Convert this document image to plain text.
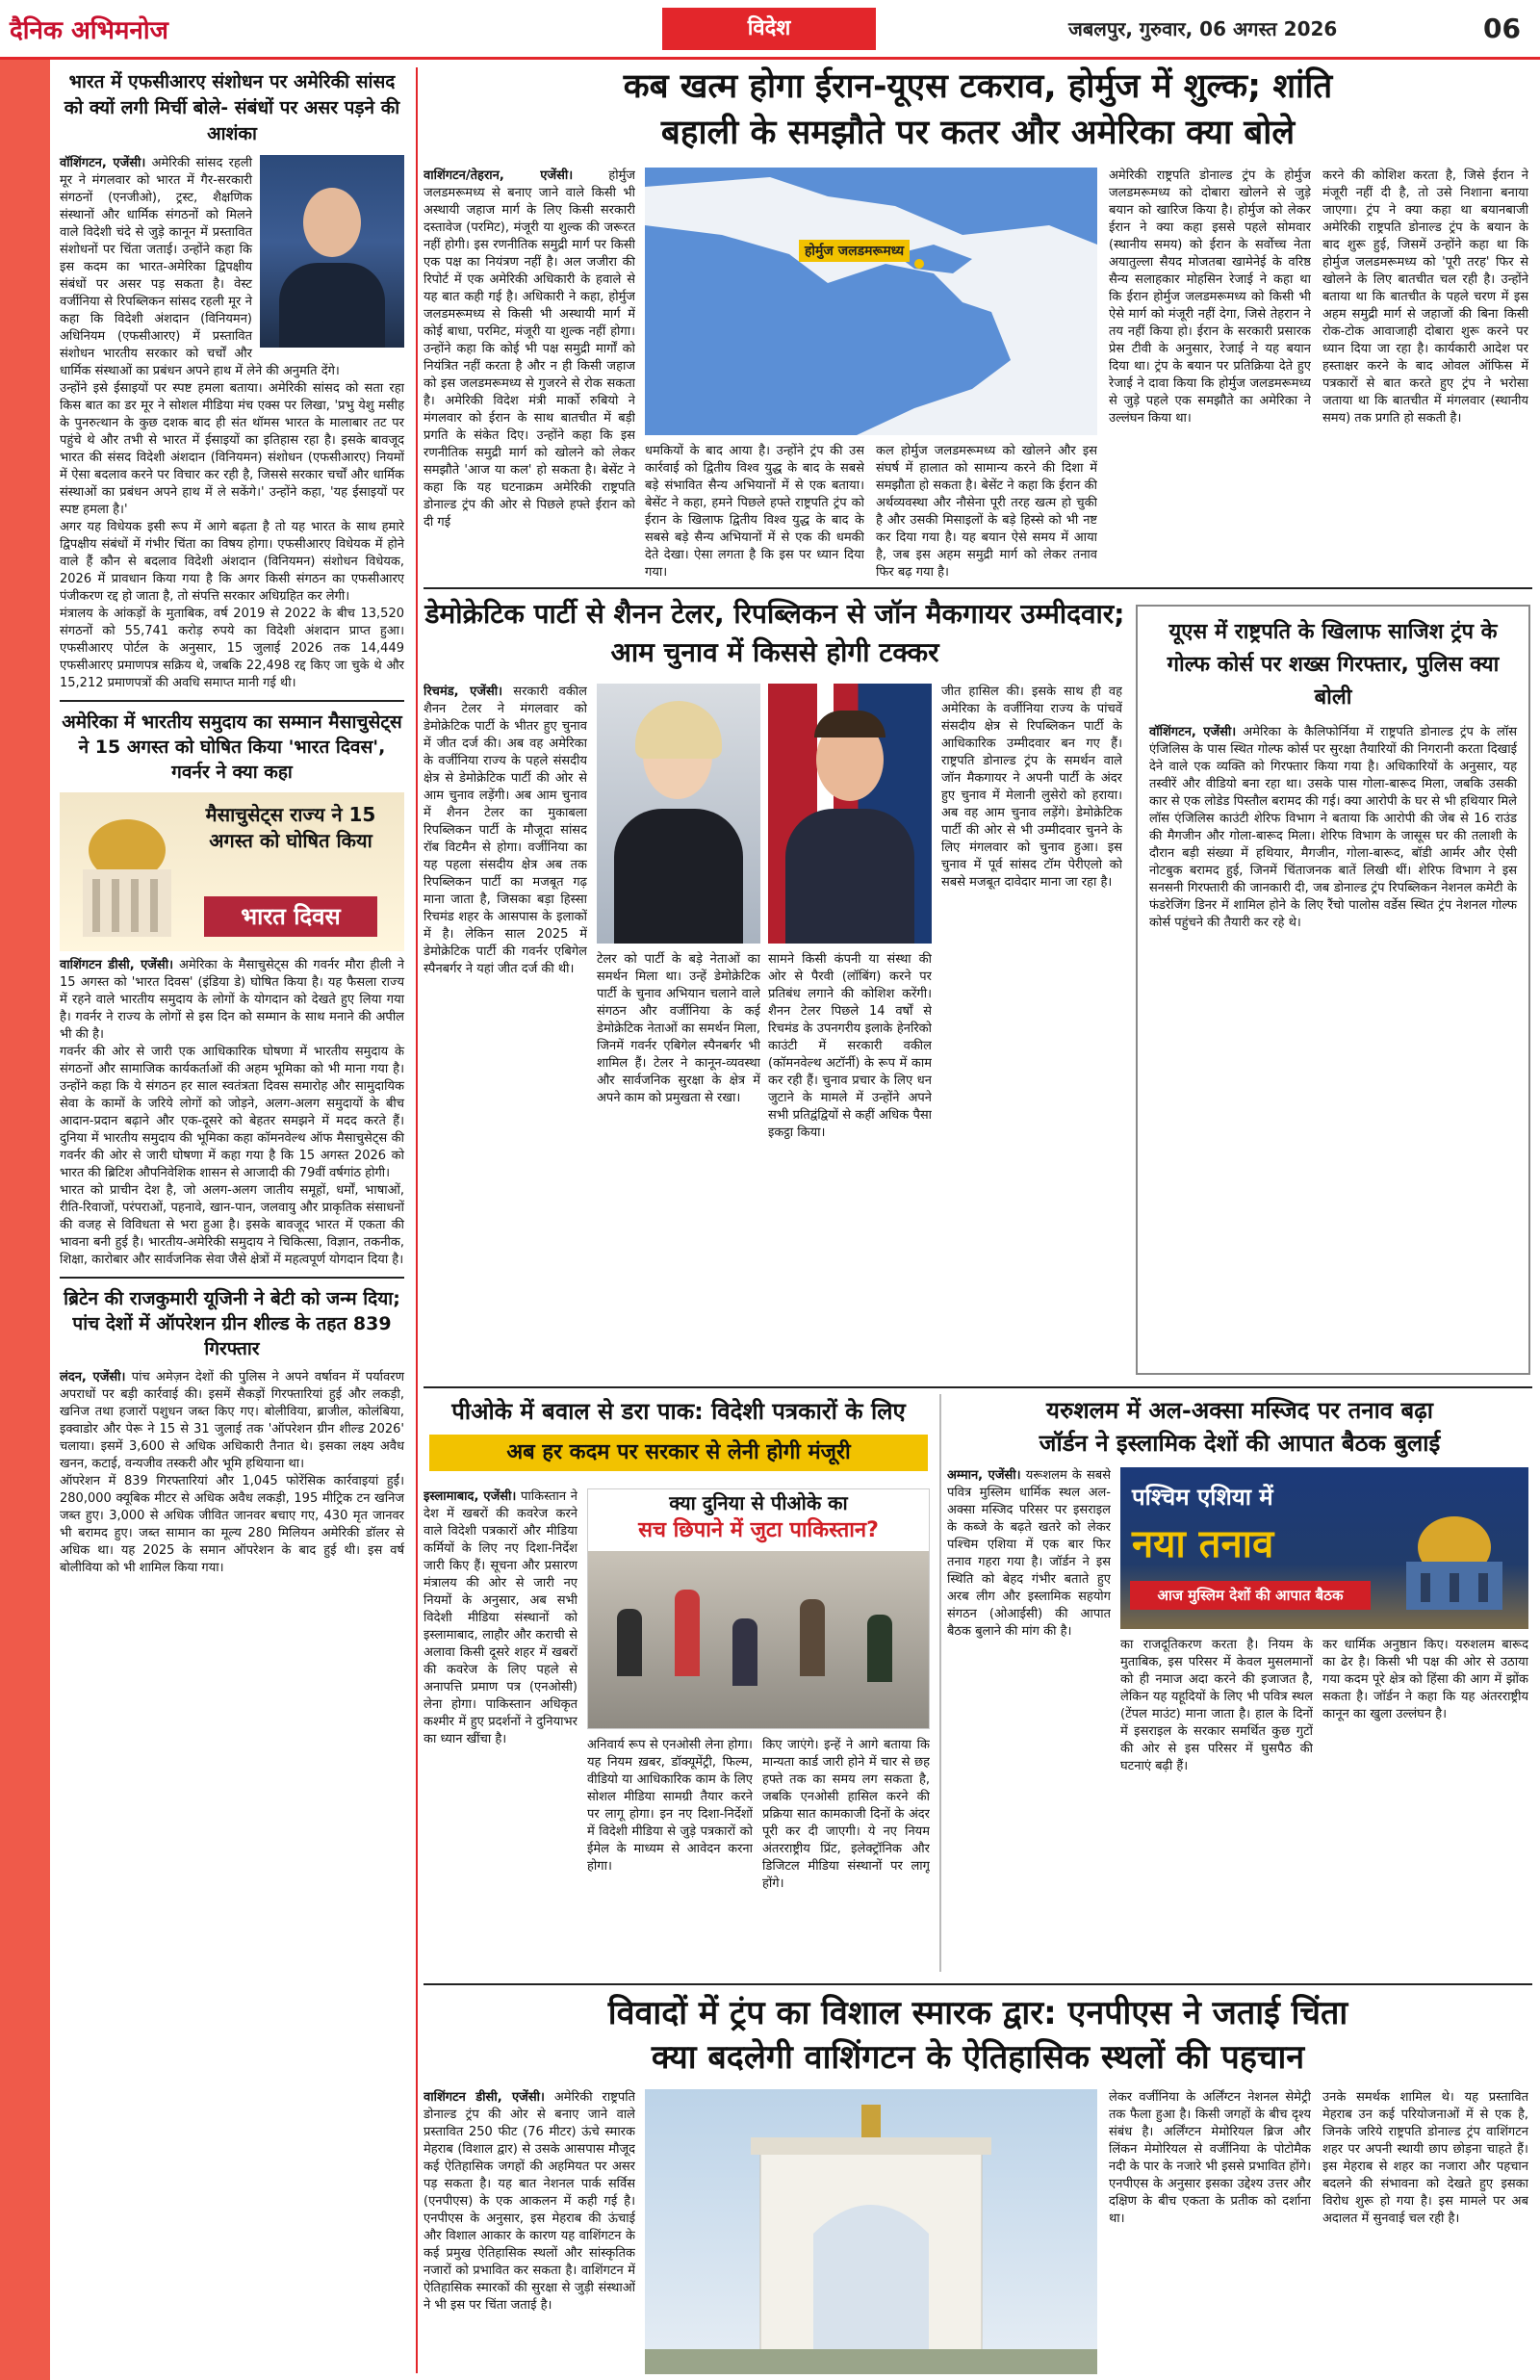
दैनिक अभिमनोज	विदेश	जबलपुर, गुरुवार, 06 अगस्त 2026	06
भारत में एफसीआरए संशोधन पर अमेरिकी सांसद को क्यों लगी मिर्ची बोले- संबंधों पर असर पड़ने की आशंका

वॉशिंगटन, एजेंसी। अमेरिकी सांसद रहली मूर ने मंगलवार को भारत में गैर-सरकारी संगठनों (एनजीओ), ट्रस्ट, शैक्षणिक संस्थानों और धार्मिक संगठनों को मिलने वाले विदेशी चंदे से जुड़े कानून में प्रस्तावित संशोधनों पर चिंता जताई। उन्होंने कहा कि इस कदम का भारत-अमेरिका द्विपक्षीय संबंधों पर असर पड़ सकता है। वेस्ट वर्जीनिया से रिपब्लिकन सांसद रहली मूर ने कहा कि विदेशी अंशदान (विनियमन) अधिनियम (एफसीआरए) में प्रस्तावित संशोधन भारतीय सरकार को चर्चों और धार्मिक संस्थाओं का प्रबंधन अपने हाथ में लेने की अनुमति देंगे।

उन्होंने इसे ईसाइयों पर स्पष्ट हमला बताया। अमेरिकी सांसद को सता रहा किस बात का डर मूर ने सोशल मीडिया मंच एक्स पर लिखा, 'प्रभु येशु मसीह के पुनरुत्थान के कुछ दशक बाद ही संत थॉमस भारत के मालाबार तट पर पहुंचे थे और तभी से भारत में ईसाइयों का इतिहास रहा है। इसके बावजूद भारत की संसद विदेशी अंशदान (विनियमन) संशोधन (एफसीआरए) नियमों में ऐसा बदलाव करने पर विचार कर रही है, जिससे सरकार चर्चों और धार्मिक संस्थाओं का प्रबंधन अपने हाथ में ले सकेंगे।' उन्होंने कहा, 'यह ईसाइयों पर स्पष्ट हमला है।'

अगर यह विधेयक इसी रूप में आगे बढ़ता है तो यह भारत के साथ हमारे द्विपक्षीय संबंधों में गंभीर चिंता का विषय होगा। एफसीआरए विधेयक में होने वाले हैं कौन से बदलाव विदेशी अंशदान (विनियमन) संशोधन विधेयक, 2026 में प्रावधान किया गया है कि अगर किसी संगठन का एफसीआरए पंजीकरण रद्द हो जाता है, तो संपत्ति सरकार अधिग्रहित कर लेगी।

मंत्रालय के आंकड़ों के मुताबिक, वर्ष 2019 से 2022 के बीच 13,520 संगठनों को 55,741 करोड़ रुपये का विदेशी अंशदान प्राप्त हुआ। एफसीआरए पोर्टल के अनुसार, 15 जुलाई 2026 तक 14,449 एफसीआरए प्रमाणपत्र सक्रिय थे, जबकि 22,498 रद्द किए जा चुके थे और 15,212 प्रमाणपत्रों की अवधि समाप्त मानी गई थी।

अमेरिका में भारतीय समुदाय का सम्मान मैसाचुसेट्स ने 15 अगस्त को घोषित किया 'भारत दिवस', गवर्नर ने क्या कहा
मैसाचुसेट्स राज्य ने 15 अगस्त को घोषित किया
भारत दिवस

वाशिंगटन डीसी, एजेंसी। अमेरिका के मैसाचुसेट्स की गवर्नर मौरा हीली ने 15 अगस्त को 'भारत दिवस' (इंडिया डे) घोषित किया है। यह फैसला राज्य में रहने वाले भारतीय समुदाय के लोगों के योगदान को देखते हुए लिया गया है। गवर्नर ने राज्य के लोगों से इस दिन को सम्मान के साथ मनाने की अपील भी की है।

गवर्नर की ओर से जारी एक आधिकारिक घोषणा में भारतीय समुदाय के संगठनों और सामाजिक कार्यकर्ताओं की अहम भूमिका को भी माना गया है। उन्होंने कहा कि ये संगठन हर साल स्वतंत्रता दिवस समारोह और सामुदायिक सेवा के कामों के जरिये लोगों को जोड़ने, अलग-अलग समुदायों के बीच आदान-प्रदान बढ़ाने और एक-दूसरे को बेहतर समझने में मदद करते हैं। दुनिया में भारतीय समुदाय की भूमिका कहा कॉमनवेल्थ ऑफ मैसाचुसेट्स की गवर्नर की ओर से जारी घोषणा में कहा गया है कि 15 अगस्त 2026 को भारत की ब्रिटिश औपनिवेशिक शासन से आजादी की 79वीं वर्षगांठ होगी।

भारत को प्राचीन देश है, जो अलग-अलग जातीय समूहों, धर्मों, भाषाओं, रीति-रिवाजों, परंपराओं, पहनावे, खान-पान, जलवायु और प्राकृतिक संसाधनों की वजह से विविधता से भरा हुआ है। इसके बावजूद भारत में एकता की भावना बनी हुई है। भारतीय-अमेरिकी समुदाय ने चिकित्सा, विज्ञान, तकनीक, शिक्षा, कारोबार और सार्वजनिक सेवा जैसे क्षेत्रों में महत्वपूर्ण योगदान दिया है।

ब्रिटेन की राजकुमारी यूजिनी ने बेटी को जन्म दिया; पांच देशों में ऑपरेशन ग्रीन शील्ड के तहत 839 गिरफ्तार

लंदन, एजेंसी। पांच अमेज़न देशों की पुलिस ने अपने वर्षावन में पर्यावरण अपराधों पर बड़ी कार्रवाई की। इसमें सैकड़ों गिरफ्तारियां हुई और लकड़ी, खनिज तथा हजारों पशुधन जब्त किए गए। बोलीविया, ब्राजील, कोलंबिया, इक्वाडोर और पेरू ने 15 से 31 जुलाई तक 'ऑपरेशन ग्रीन शील्ड 2026' चलाया। इसमें 3,600 से अधिक अधिकारी तैनात थे। इसका लक्ष्य अवैध खनन, कटाई, वन्यजीव तस्करी और भूमि हथियाना था।

ऑपरेशन में 839 गिरफ्तारियां और 1,045 फोरेंसिक कार्रवाइयां हुईं। 280,000 क्यूबिक मीटर से अधिक अवैध लकड़ी, 195 मीट्रिक टन खनिज जब्त हुए। 3,000 से अधिक जीवित जानवर बचाए गए, 430 मृत जानवर भी बरामद हुए। जब्त सामान का मूल्य 280 मिलियन अमेरिकी डॉलर से अधिक था। यह 2025 के समान ऑपरेशन के बाद हुई थी। इस वर्ष बोलीविया को भी शामिल किया गया।

कब खत्म होगा ईरान-यूएस टकराव, होर्मुज में शुल्क; शांति
बहाली के समझौते पर कतर और अमेरिका क्या बोले

वाशिंगटन/तेहरान, एजेंसी।	होर्मुज जलडमरूमध्य से बनाए जाने वाले किसी भी अस्थायी जहाज मार्ग के लिए किसी सरकारी दस्तावेज (परमिट), मंजूरी या शुल्क की जरूरत नहीं होगी। इस रणनीतिक समुद्री मार्ग पर किसी एक पक्ष का नियंत्रण नहीं है। अल जजीरा की रिपोर्ट में एक अमेरिकी अधिकारी के हवाले से यह बात कही गई है। अधिकारी ने कहा, होर्मुज जलडमरूमध्य से किसी भी अस्थायी मार्ग में कोई बाधा, परमिट, मंजूरी या शुल्क नहीं होगा। उन्होंने कहा कि कोई भी पक्ष समुद्री मार्गों को नियंत्रित नहीं करता है और न ही किसी जहाज को इस जलडमरूमध्य से गुजरने से रोक सकता है। अमेरिकी विदेश मंत्री मार्को रुबियो ने मंगलवार को ईरान के साथ बातचीत में बड़ी प्रगति के संकेत दिए। उन्होंने कहा कि इस रणनीतिक समुद्री मार्ग को खोलने को लेकर समझौते 'आज या कल' हो सकता है। बेसेंट ने कहा कि यह घटनाक्रम अमेरिकी राष्ट्रपति डोनाल्ड ट्रंप की ओर से पिछले हफ्ते ईरान को दी गई

होर्मुज जलडमरूमध्य

धमकियों के बाद आया है। उन्होंने ट्रंप की उस कार्रवाई को द्वितीय विश्व युद्ध के बाद के सबसे बड़े संभावित सैन्य अभियानों में से एक बताया। बेसेंट ने कहा, हमने पिछले हफ्ते राष्ट्रपति ट्रंप को ईरान के खिलाफ द्वितीय विश्व युद्ध के बाद के सबसे बड़े सैन्य अभियानों में से एक की धमकी देते देखा। ऐसा लगता है कि इस पर ध्यान दिया गया।

कल होर्मुज जलडमरूमध्य को खोलने और इस संघर्ष में हालात को सामान्य करने की दिशा में समझौता हो सकता है। बेसेंट ने कहा कि ईरान की अर्थव्यवस्था और नौसेना पूरी तरह खत्म हो चुकी है और उसकी मिसाइलों के बड़े हिस्से को भी नष्ट कर दिया गया है। यह बयान ऐसे समय में आया है, जब इस अहम समुद्री मार्ग को लेकर तनाव फिर बढ़ गया है।

अमेरिकी राष्ट्रपति डोनाल्ड ट्रंप के होर्मुज जलडमरूमध्य को दोबारा खोलने से जुड़े बयान को खारिज किया है। होर्मुज को लेकर ईरान ने क्या कहा इससे पहले सोमवार (स्थानीय समय) को ईरान के सर्वोच्च नेता अयातुल्ला सैयद मोजतबा खामेनेई के वरिष्ठ सैन्य सलाहकार मोहसिन रेजाई ने कहा था कि ईरान होर्मुज जलडमरूमध्य को किसी भी ऐसे मार्ग को मंजूरी नहीं देगा, जिसे तेहरान ने तय नहीं किया हो। ईरान के सरकारी प्रसारक प्रेस टीवी के अनुसार, रेजाई ने यह बयान दिया था। ट्रंप के बयान पर प्रतिक्रिया देते हुए रेजाई ने दावा किया कि होर्मुज जलडमरूमध्य से जुड़े पहले एक समझौते का अमेरिका ने उल्लंघन किया था।

करने की कोशिश करता है, जिसे ईरान ने मंजूरी नहीं दी है, तो उसे निशाना बनाया जाएगा। ट्रंप ने क्या कहा था बयानबाजी अमेरिकी राष्ट्रपति डोनाल्ड ट्रंप के बयान के बाद शुरू हुई, जिसमें उन्होंने कहा था कि होर्मुज जलडमरूमध्य को 'पूरी तरह' फिर से खोलने के लिए बातचीत चल रही है। उन्होंने बताया था कि बातचीत के पहले चरण में इस अहम समुद्री मार्ग से जहाजों की बिना किसी रोक-टोक आवाजाही दोबारा शुरू करने पर ध्यान दिया जा रहा है। कार्यकारी आदेश पर हस्ताक्षर करने के बाद ओवल ऑफिस में पत्रकारों से बात करते हुए ट्रंप ने भरोसा जताया था कि बातचीत में मंगलवार (स्थानीय समय) तक प्रगति हो सकती है।

डेमोक्रेटिक पार्टी से शैनन टेलर, रिपब्लिकन से जॉन मैकगायर उम्मीदवार; आम चुनाव में किससे होगी टक्कर

रिचमंड, एजेंसी। सरकारी वकील शैनन टेलर ने मंगलवार को डेमोक्रेटिक पार्टी के भीतर हुए चुनाव में जीत दर्ज की। अब वह अमेरिका के वर्जीनिया राज्य के पहले संसदीय क्षेत्र से डेमोक्रेटिक पार्टी की ओर से आम चुनाव लड़ेंगी। अब आम चुनाव में शैनन टेलर का मुकाबला रिपब्लिकन पार्टी के मौजूदा सांसद रॉब विटमैन से होगा। वर्जीनिया का यह पहला संसदीय क्षेत्र अब तक रिपब्लिकन पार्टी का मजबूत गढ़ माना जाता है, जिसका बड़ा हिस्सा रिचमंड शहर के आसपास के इलाकों में है। लेकिन साल 2025 में डेमोक्रेटिक पार्टी की गवर्नर एबिगेल स्पैनबर्गर ने यहां जीत दर्ज की थी।

टेलर को पार्टी के बड़े नेताओं का समर्थन मिला था। उन्हें डेमोक्रेटिक पार्टी के चुनाव अभियान चलाने वाले संगठन और वर्जीनिया के कई डेमोक्रेटिक नेताओं का समर्थन मिला, जिनमें गवर्नर एबिगेल स्पैनबर्गर भी शामिल हैं। टेलर ने कानून-व्यवस्था और सार्वजनिक सुरक्षा के क्षेत्र में अपने काम को प्रमुखता से रखा।

सामने किसी कंपनी या संस्था की ओर से पैरवी (लॉबिंग) करने पर प्रतिबंध लगाने की कोशिश करेंगी। शैनन टेलर पिछले 14 वर्षों से रिचमंड के उपनगरीय इलाके हेनरिको काउंटी में सरकारी वकील (कॉमनवेल्थ अटॉर्नी) के रूप में काम कर रही हैं। चुनाव प्रचार के लिए धन जुटाने के मामले में उन्होंने अपने सभी प्रतिद्वंद्वियों से कहीं अधिक पैसा इकट्ठा किया।

जीत हासिल की। इसके साथ ही वह अमेरिका के वर्जीनिया राज्य के पांचवें संसदीय क्षेत्र से रिपब्लिकन पार्टी के आधिकारिक उम्मीदवार बन गए हैं। राष्ट्रपति डोनाल्ड ट्रंप के समर्थन वाले जॉन मैकगायर ने अपनी पार्टी के अंदर हुए चुनाव में मेलानी लुसेरो को हराया। अब वह आम चुनाव लड़ेंगे। डेमोक्रेटिक पार्टी की ओर से भी उम्मीदवार चुनने के लिए मंगलवार को चुनाव हुआ। इस चुनाव में पूर्व सांसद टॉम पेरीएलो को सबसे मजबूत दावेदार माना जा रहा है।

यूएस में राष्ट्रपति के खिलाफ साजिश ट्रंप के गोल्फ कोर्स पर शख्स गिरफ्तार, पुलिस क्या बोली

वॉशिंगटन, एजेंसी। अमेरिका के कैलिफोर्निया में राष्ट्रपति डोनाल्ड ट्रंप के लॉस एंजिलिस के पास स्थित गोल्फ कोर्स पर सुरक्षा तैयारियों की निगरानी करता दिखाई देने वाले एक व्यक्ति को गिरफ्तार किया गया है। अधिकारियों के अनुसार, यह तस्वीरें और वीडियो बना रहा था। उसके पास गोला-बारूद मिला, जबकि उसकी कार से एक लोडेड पिस्तौल बरामद की गई। क्या आरोपी के घर से भी हथियार मिले लॉस एंजिलिस काउंटी शेरिफ विभाग ने बताया कि आरोपी की जेब से 16 राउंड की मैगजीन और गोला-बारूद मिला। शेरिफ विभाग के जासूस घर की तलाशी के दौरान बड़ी संख्या में हथियार, मैगजीन, गोला-बारूद, बॉडी आर्मर और ऐसी नोटबुक बरामद हुई, जिनमें चिंताजनक बातें लिखी थीं। शेरिफ विभाग ने इस सनसनी गिरफ्तारी की जानकारी दी, जब डोनाल्ड ट्रंप रिपब्लिकन नेशनल कमेटी के फंडरेजिंग डिनर में शामिल होने के लिए रैंचो पालोस वर्डेस स्थित ट्रंप नेशनल गोल्फ कोर्स पहुंचने की तैयारी कर रहे थे।

पीओके में बवाल से डरा पाक: विदेशी पत्रकारों के लिए
अब हर कदम पर सरकार से लेनी होगी मंजूरी

इस्लामाबाद, एजेंसी। पाकिस्तान ने देश में खबरों की कवरेज करने वाले विदेशी पत्रकारों और मीडिया कर्मियों के लिए नए दिशा-निर्देश जारी किए हैं। सूचना और प्रसारण मंत्रालय की ओर से जारी नए नियमों के अनुसार, अब सभी विदेशी मीडिया संस्थानों को इस्लामाबाद, लाहौर और कराची से अलावा किसी दूसरे शहर में खबरों की कवरेज के लिए पहले से अनापत्ति प्रमाण पत्र (एनओसी) लेना होगा। पाकिस्तान अधिकृत कश्मीर में हुए प्रदर्शनों ने दुनियाभर का ध्यान खींचा है।

क्या दुनिया से पीओके का
सच छिपाने में जुटा पाकिस्तान?

अनिवार्य रूप से एनओसी लेना होगा। यह नियम ख़बर, डॉक्यूमेंट्री, फिल्म, वीडियो या आधिकारिक काम के लिए सोशल मीडिया सामग्री तैयार करने पर लागू होगा। इन नए दिशा-निर्देशों में विदेशी मीडिया से जुड़े पत्रकारों को ईमेल के माध्यम से आवेदन करना होगा।

किए जाएंगे। इन्हें ने आगे बताया कि मान्यता कार्ड जारी होने में चार से छह हफ्ते तक का समय लग सकता है, जबकि एनओसी हासिल करने की प्रक्रिया सात कामकाजी दिनों के अंदर पूरी कर दी जाएगी। ये नए नियम अंतरराष्ट्रीय प्रिंट, इलेक्ट्रॉनिक और डिजिटल मीडिया संस्थानों पर लागू होंगे।

यरुशलम में अल-अक्सा मस्जिद पर तनाव बढ़ा
जॉर्डन ने इस्लामिक देशों की आपात बैठक बुलाई

अम्मान, एजेंसी। यरूशलम के सबसे पवित्र मुस्लिम धार्मिक स्थल अल-अक्सा मस्जिद परिसर पर इसराइल के कब्जे के बढ़ते खतरे को लेकर पश्चिम एशिया में एक बार फिर तनाव गहरा गया है। जॉर्डन ने इस स्थिति को बेहद गंभीर बताते हुए अरब लीग और इस्लामिक सहयोग संगठन (ओआईसी) की आपात बैठक बुलाने की मांग की है।

पश्चिम एशिया में
नया तनाव
आज मुस्लिम देशों की आपात बैठक

का राजदूतिकरण करता है। नियम के मुताबिक, इस परिसर में केवल मुसलमानों को ही नमाज अदा करने की इजाजत है, लेकिन यह यहूदियों के लिए भी पवित्र स्थल (टेंपल माउंट) माना जाता है। हाल के दिनों में इसराइल के सरकार समर्थित कुछ गुटों की ओर से इस परिसर में घुसपैठ की घटनाएं बढ़ी हैं।

कर धार्मिक अनुष्ठान किए। यरुशलम बारूद का ढेर है। किसी भी पक्ष की ओर से उठाया गया कदम पूरे क्षेत्र को हिंसा की आग में झोंक सकता है। जॉर्डन ने कहा कि यह अंतरराष्ट्रीय कानून का खुला उल्लंघन है।

विवादों में ट्रंप का विशाल स्मारक द्वार: एनपीएस ने जताई चिंता
क्या बदलेगी वाशिंगटन के ऐतिहासिक स्थलों की पहचान

वाशिंगटन डीसी, एजेंसी। अमेरिकी राष्ट्रपति डोनाल्ड ट्रंप की ओर से बनाए जाने वाले प्रस्तावित 250 फीट (76 मीटर) ऊंचे स्मारक मेहराब (विशाल द्वार) से उसके आसपास मौजूद कई ऐतिहासिक जगहों की अहमियत पर असर पड़ सकता है। यह बात नेशनल पार्क सर्विस (एनपीएस) के एक आकलन में कही गई है। एनपीएस के अनुसार, इस मेहराब की ऊंचाई और विशाल आकार के कारण यह वाशिंगटन के कई प्रमुख ऐतिहासिक स्थलों और सांस्कृतिक नजारों को प्रभावित कर सकता है। वाशिंगटन में ऐतिहासिक स्मारकों की सुरक्षा से जुड़ी संस्थाओं ने भी इस पर चिंता जताई है।

लेकर वर्जीनिया के अर्लिंग्टन नेशनल सेमेट्री तक फैला हुआ है। किसी जगहों के बीच दृश्य संबंध है। अर्लिंग्टन मेमोरियल ब्रिज और लिंकन मेमोरियल से वर्जीनिया के पोटोमैक नदी के पार के नजारे भी इससे प्रभावित होंगे। एनपीएस के अनुसार इसका उद्देश्य उत्तर और दक्षिण के बीच एकता के प्रतीक को दर्शाना था।

उनके समर्थक शामिल थे। यह प्रस्तावित मेहराब उन कई परियोजनाओं में से एक है, जिनके जरिये राष्ट्रपति डोनाल्ड ट्रंप वाशिंगटन शहर पर अपनी स्थायी छाप छोड़ना चाहते हैं। इस मेहराब से शहर का नजारा और पहचान बदलने की संभावना को देखते हुए इसका विरोध शुरू हो गया है। इस मामले पर अब अदालत में सुनवाई चल रही है।
